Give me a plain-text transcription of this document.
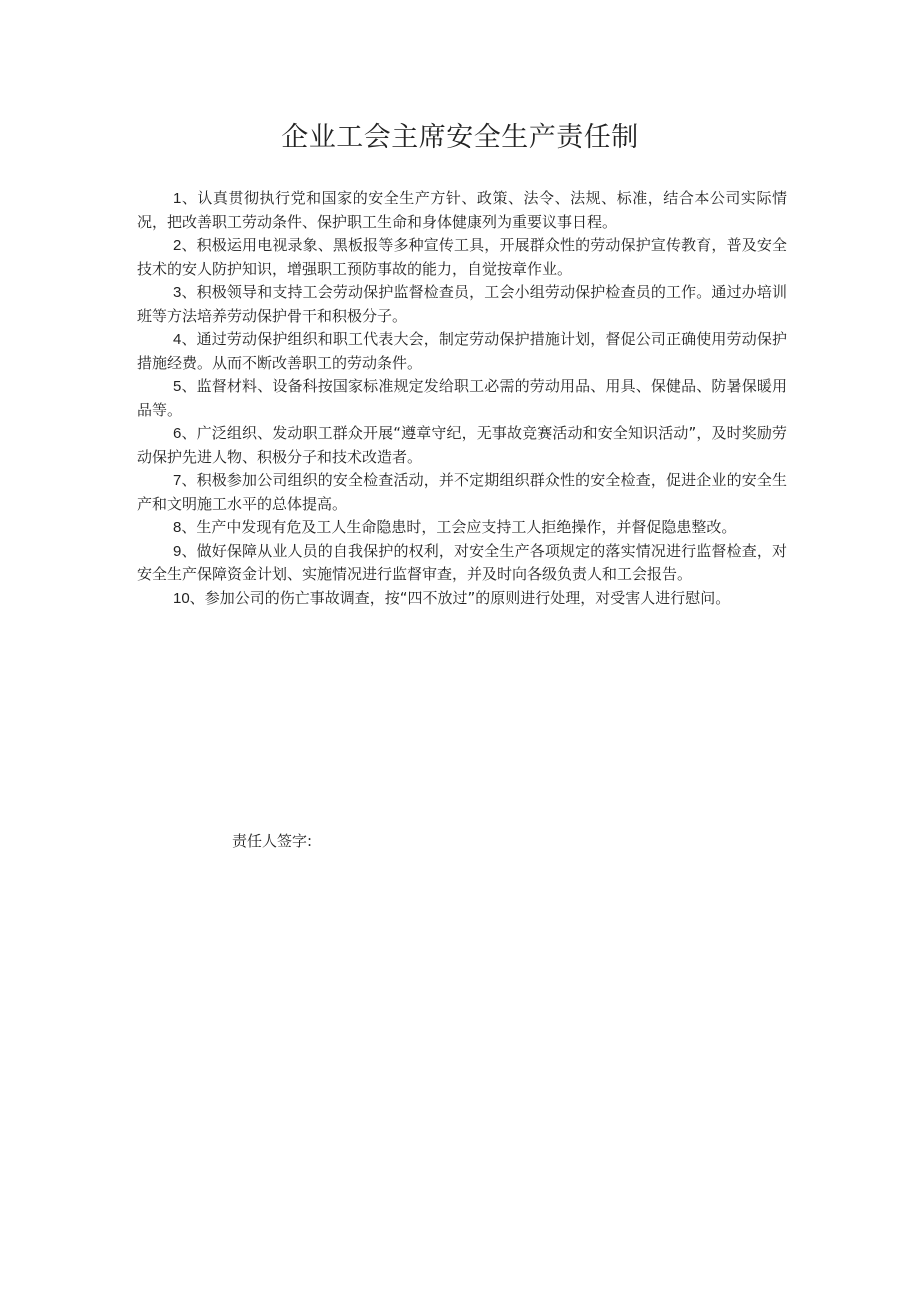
企业工会主席安全生产责任制

1、认真贯彻执行党和国家的安全生产方针、政策、法令、法规、标准，结合本公司实际情况，把改善职工劳动条件、保护职工生命和身体健康列为重要议事日程。

2、积极运用电视录象、黑板报等多种宣传工具，开展群众性的劳动保护宣传教育，普及安全技术的安人防护知识，增强职工预防事故的能力，自觉按章作业。

3、积极领导和支持工会劳动保护监督检查员，工会小组劳动保护检查员的工作。通过办培训班等方法培养劳动保护骨干和积极分子。

4、通过劳动保护组织和职工代表大会，制定劳动保护措施计划，督促公司正确使用劳动保护措施经费。从而不断改善职工的劳动条件。

5、监督材料、设备科按国家标准规定发给职工必需的劳动用品、用具、保健品、防暑保暖用品等。

6、广泛组织、发动职工群众开展“遵章守纪，无事故竞赛活动和安全知识活动”，及时奖励劳动保护先进人物、积极分子和技术改造者。

7、积极参加公司组织的安全检查活动，并不定期组织群众性的安全检查，促进企业的安全生产和文明施工水平的总体提高。

8、生产中发现有危及工人生命隐患时，工会应支持工人拒绝操作，并督促隐患整改。

9、做好保障从业人员的自我保护的权利，对安全生产各项规定的落实情况进行监督检查，对安全生产保障资金计划、实施情况进行监督审查，并及时向各级负责人和工会报告。

10、参加公司的伤亡事故调查，按“四不放过”的原则进行处理，对受害人进行慰问。

责任人签字:
